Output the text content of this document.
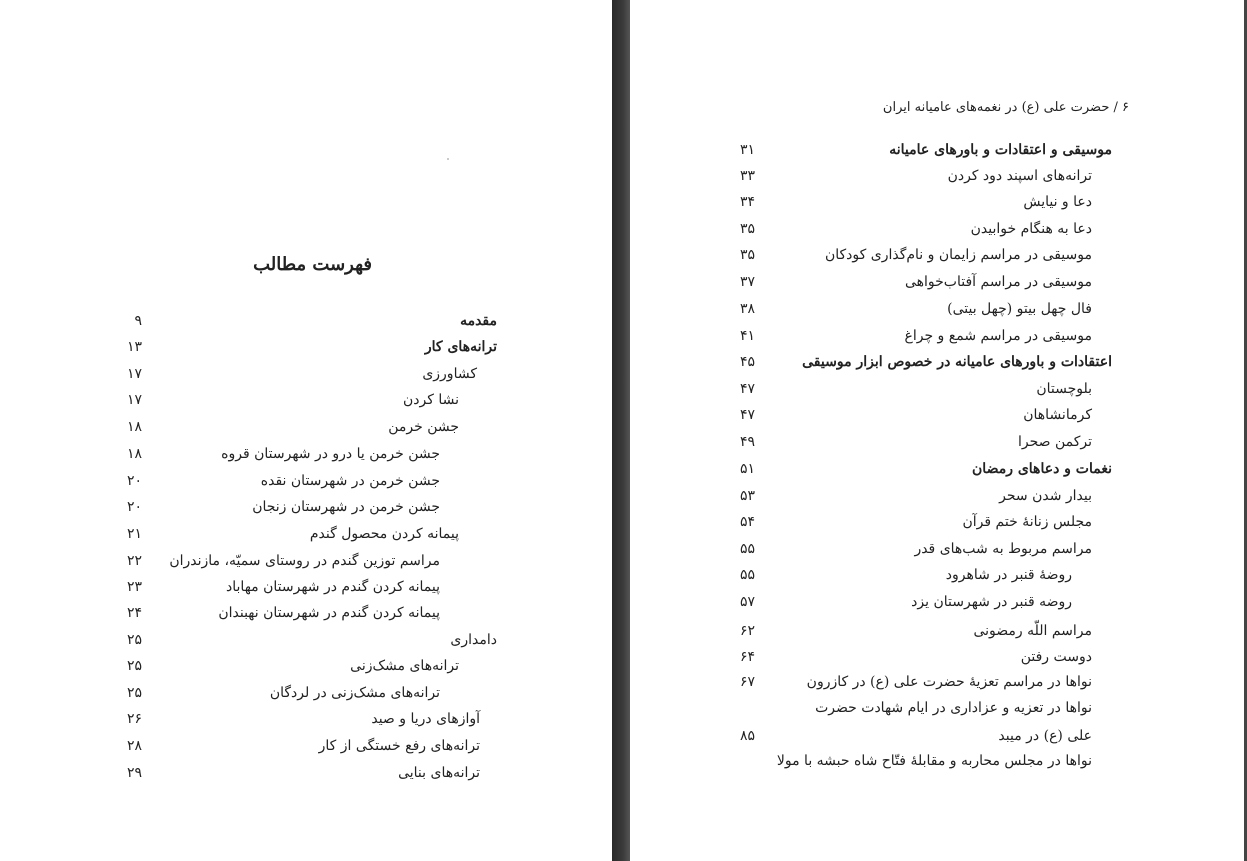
فهرست مطالب
مقدمه
۹
ترانه‌های کار
۱۳
کشاورزی
۱۷
نشا کردن
۱۷
جشن خرمن
۱۸
جشن خرمن یا درو در شهرستان قروه
۱۸
جشن خرمن در شهرستان نقده
۲۰
جشن خرمن در شهرستان زنجان
۲۰
پیمانه کردن محصول گندم
۲۱
مراسم توزین گندم در روستای سمیّه، مازندران
۲۲
پیمانه کردن گندم در شهرستان مهاباد
۲۳
پیمانه کردن گندم در شهرستان نهبندان
۲۴
دامداری
۲۵
ترانه‌های مشک‌زنی
۲۵
ترانه‌های مشک‌زنی در لردگان
۲۵
آوازهای دریا و صید
۲۶
ترانه‌های رفع خستگی از کار
۲۸
ترانه‌های بنایی
۲۹
۶ / حضرت علی (ع) در نغمه‌های عامیانه ایران
موسیقی و اعتقادات و باورهای عامیانه
۳۱
ترانه‌های اسپند دود کردن
۳۳
دعا و نیایش
۳۴
دعا به هنگام خوابیدن
۳۵
موسیقی در مراسم زایمان و نام‌گذاری کودکان
۳۵
موسیقی در مراسم آفتاب‌خواهی
۳۷
فال چهل بیتو (چهل بیتی)
۳۸
موسیقی در مراسم شمع و چراغ
۴۱
اعتقادات و باورهای عامیانه در خصوص ابزار موسیقی
۴۵
بلوچستان
۴۷
کرمانشاهان
۴۷
ترکمن صحرا
۴۹
نغمات و دعاهای رمضان
۵۱
بیدار شدن سحر
۵۳
مجلس زنانهٔ ختم قرآن
۵۴
مراسم مربوط به شب‌های قدر
۵۵
روضهٔ قنبر در شاهرود
۵۵
روضه قنبر در شهرستان یزد
۵۷
مراسم اللّه رمضونی
۶۲
دوست رفتن
۶۴
نواها در مراسم تعزیهٔ حضرت علی (ع) در کازرون
۶۷
نواها در تعزیه و عزاداری در ایام شهادت حضرت
علی (ع) در میبد
۸۵
نواها در مجلس محاربه و مقابلهٔ فتّاح شاه حبشه با مولا
